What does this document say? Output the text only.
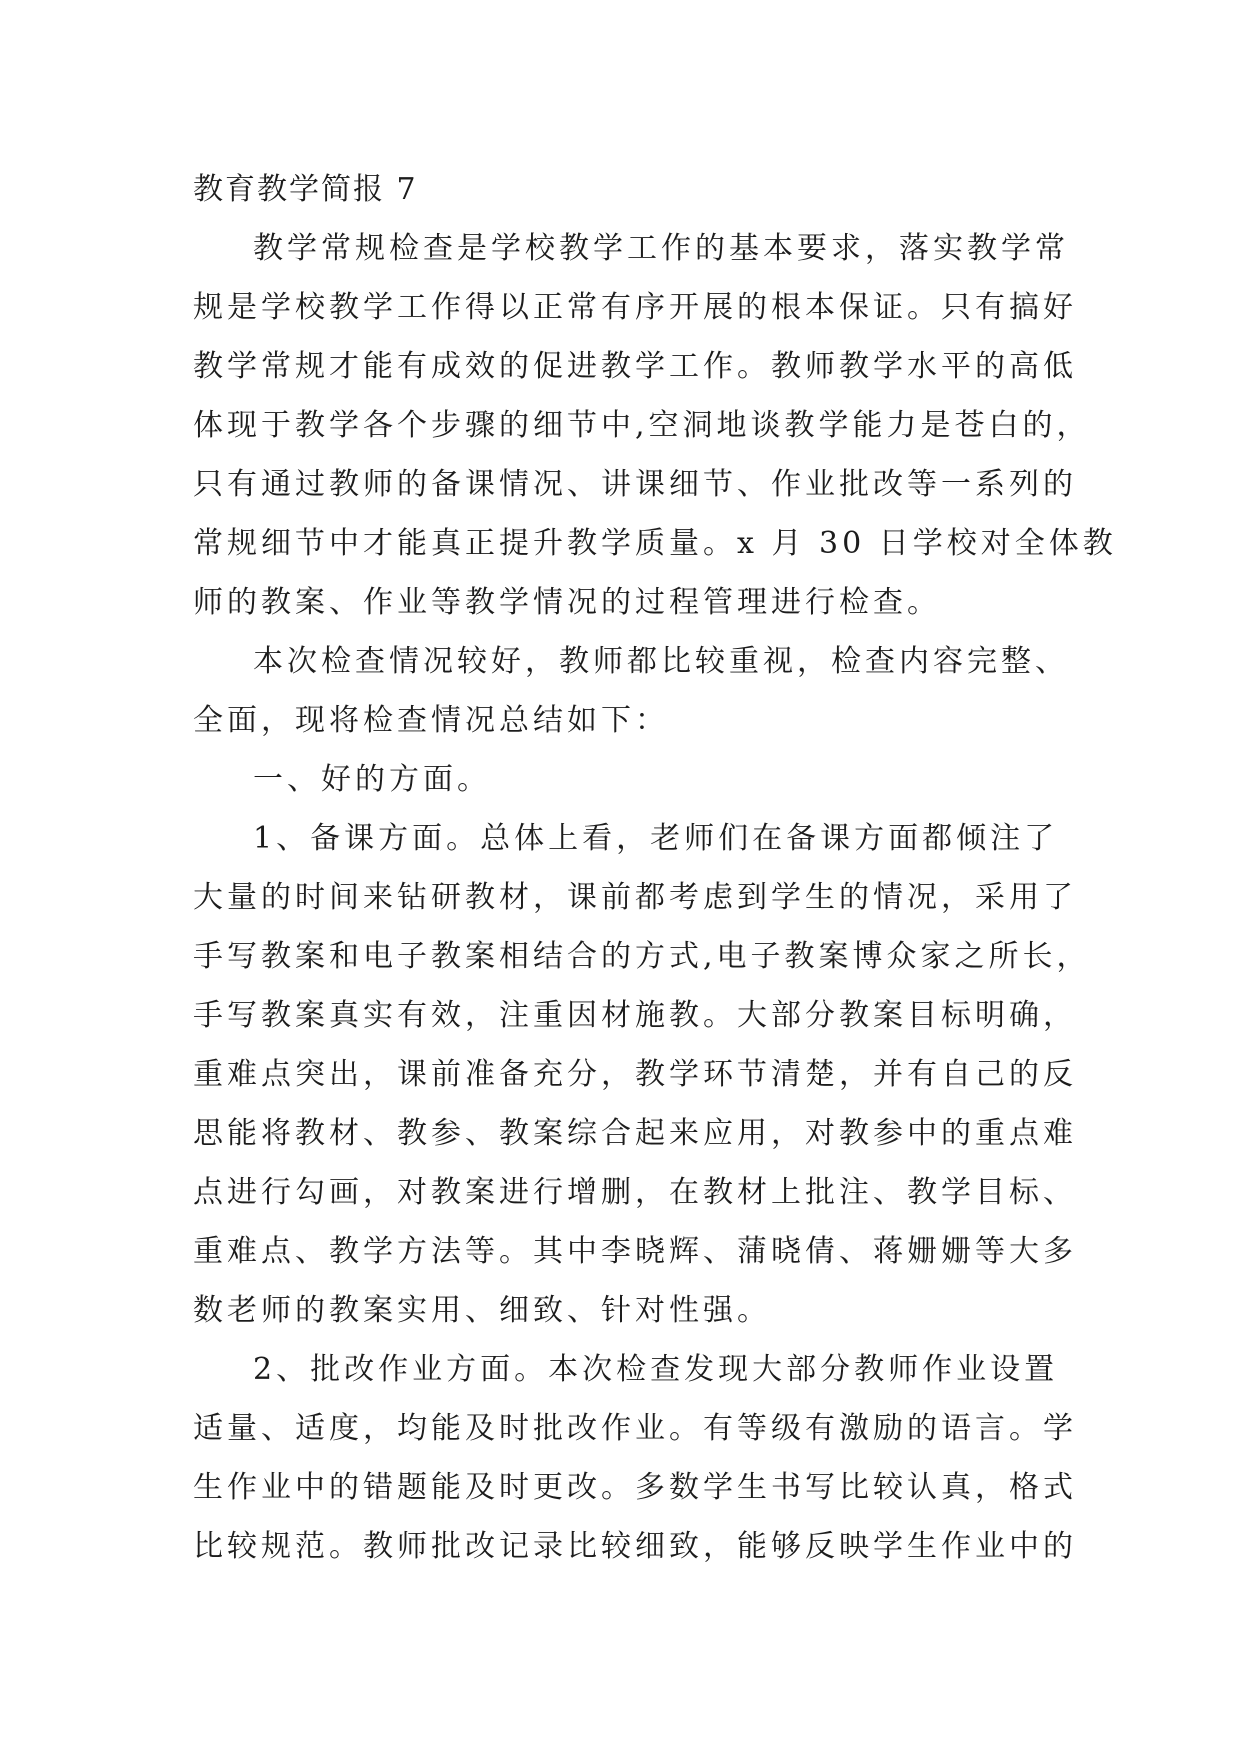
教育教学简报 7
教学常规检查是学校教学工作的基本要求，落实教学常
规是学校教学工作得以正常有序开展的根本保证。只有搞好
教学常规才能有成效的促进教学工作。教师教学水平的高低
体现于教学各个步骤的细节中,空洞地谈教学能力是苍白的，
只有通过教师的备课情况、讲课细节、作业批改等一系列的
常规细节中才能真正提升教学质量。x 月 30 日学校对全体教
师的教案、作业等教学情况的过程管理进行检查。
本次检查情况较好，教师都比较重视，检查内容完整、
全面，现将检查情况总结如下：
一、好的方面。
1、备课方面。总体上看，老师们在备课方面都倾注了
大量的时间来钻研教材，课前都考虑到学生的情况，采用了
手写教案和电子教案相结合的方式,电子教案博众家之所长，
手写教案真实有效，注重因材施教。大部分教案目标明确，
重难点突出，课前准备充分，教学环节清楚，并有自己的反
思能将教材、教参、教案综合起来应用，对教参中的重点难
点进行勾画，对教案进行增删，在教材上批注、教学目标、
重难点、教学方法等。其中李晓辉、蒲晓倩、蒋姗姗等大多
数老师的教案实用、细致、针对性强。
2、批改作业方面。本次检查发现大部分教师作业设置
适量、适度，均能及时批改作业。有等级有激励的语言。学
生作业中的错题能及时更改。多数学生书写比较认真，格式
比较规范。教师批改记录比较细致，能够反映学生作业中的
